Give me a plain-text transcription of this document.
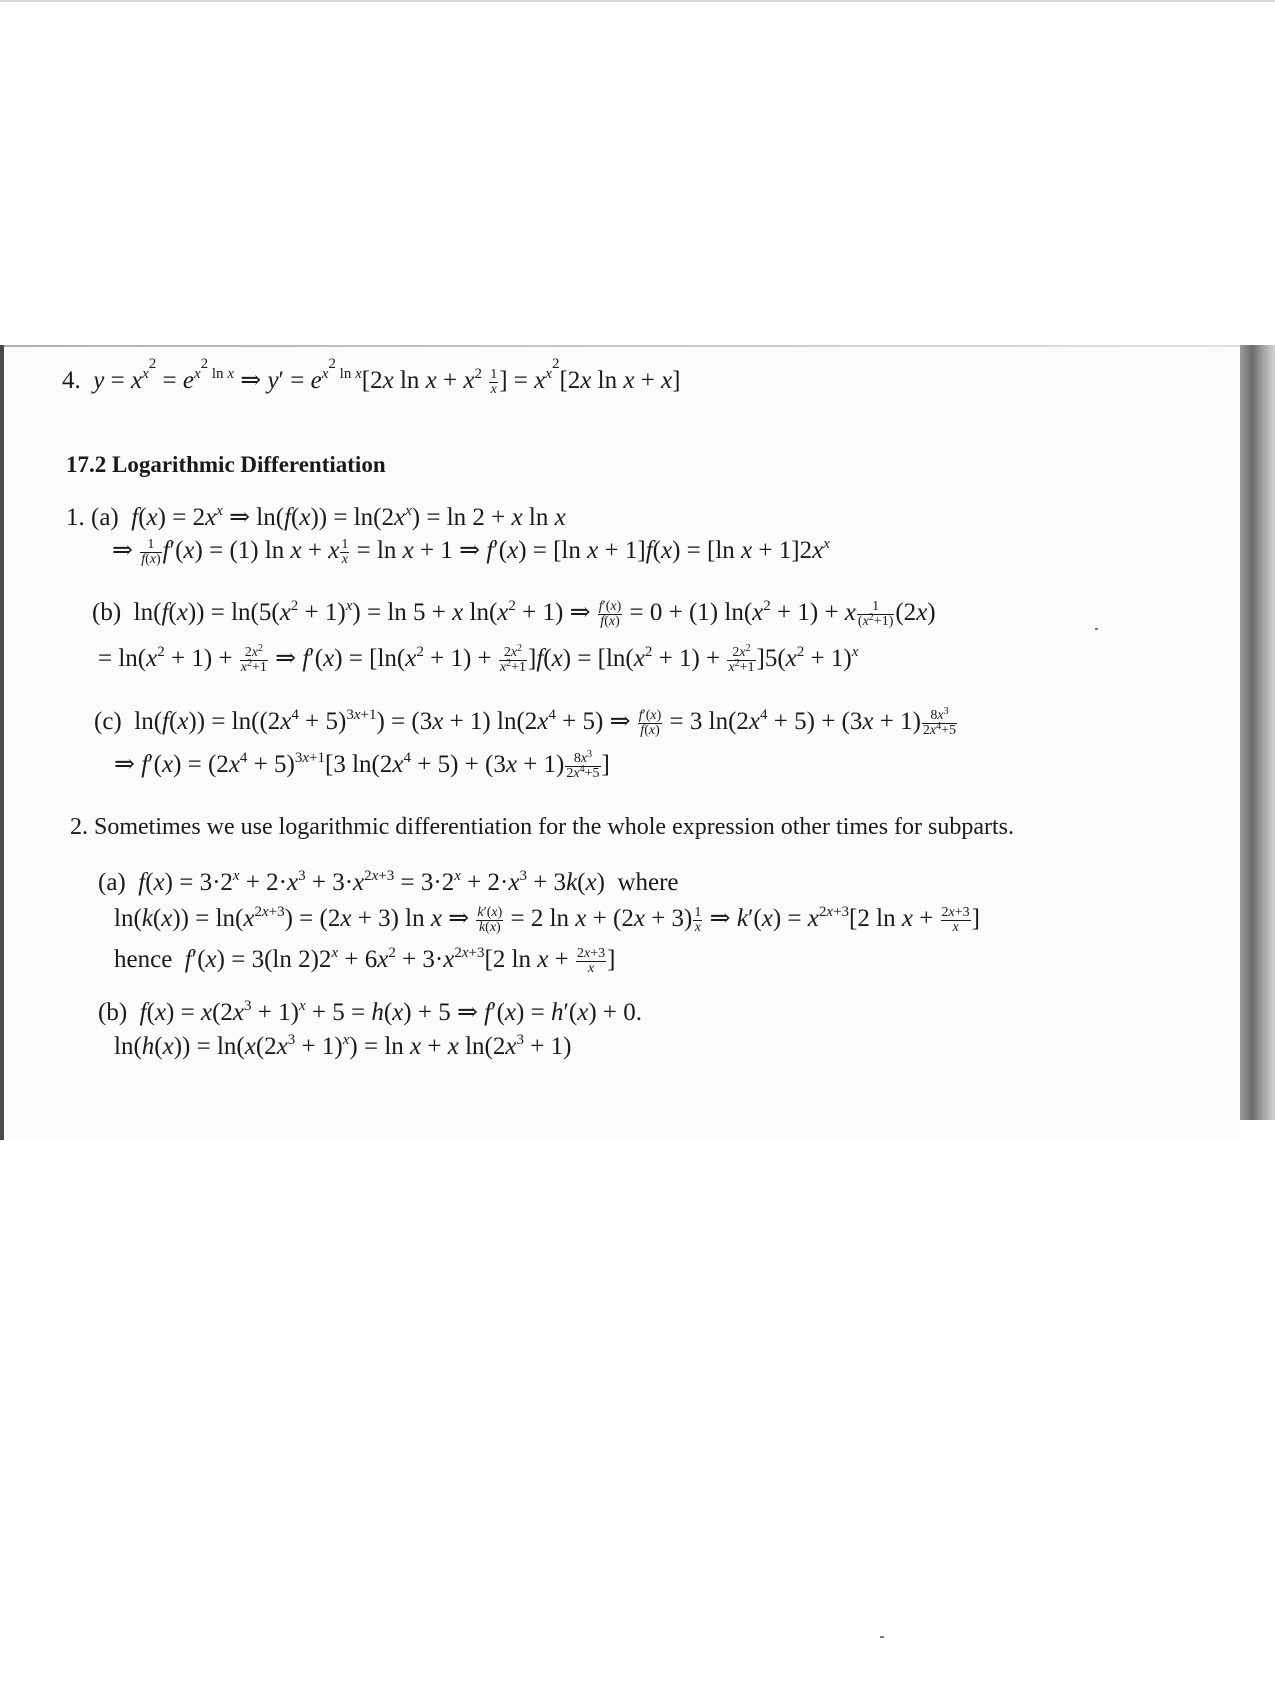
4. $y = x^{x^2} = e^{x^2 ln x}$ ⇒ $y' = e^{x^2 ln x}[2x$ $\ln x + x^2 \frac{1}{x}$ ] = $x^{x^2}[2x$ ln x + x]
17.2 Logarithmic Differentiation
1. (a) $f(x) = 2x^x$ ⇒ $\ln(f(x)) = \ln(2x^x) = \ln 2 + x$ ln x
⇒ $\frac{1}{f(x)} f'(x) = (1)$ ln x + x $\frac{1}{x} = \ln x + 1$ ⇒ f′(x) = [ln x + 1]f(x) = [ln $x + 1]2x^x$
(b)  $\ln(f(x)) = \ln(5(x^2 + 1)^x) = \ln 5 + x$ $\ln(x^2 + 1)$ ⇒ $\frac{f'(x)}{f(x)} = 0 + (1) \ln(x^2 + 1) + x \frac{1}{(x^2+1)} (2x)$
= $\ln(x^2 + 1) + \frac{2x^2}{x^2+1}$ ⇒ $f'(x) = [\ln(x^2 + 1) + \frac{2x^2}{x^2+1} ]f(x) = [\ln(x^2 + 1) + \frac{2x^2}{x^2+1} ]5(x^2 + 1)^x$
(c)  $\ln(f(x)) = \ln((2x^4 + 5)^{3x+1}) = (3x + 1) \ln(2x^4 + 5)$ ⇒ $\frac{f'(x)}{f(x)} = 3$ $\ln(2x^4 + 5) + (3x + 1) \frac{8x^3}{2x^4+5}$
⇒ $f'(x) = (2x^4 + 5)^{3x+1}[3$ $\ln(2x^4 + 5) + (3x + 1) \frac{8x^3}{2x^4+5}$ ]
2. Sometimes we use logarithmic differentiation for the whole expression other times for subparts.
(a) $f(x) = 3\cdot 2^x + 2\cdot x^3 + 3\cdot x^{2x+3} = 3\cdot 2^x + 2\cdot x^3 + 3k(x)$  where
$\ln(k(x)) = \ln(x^{2x+3}) = (2x + 3)$ ln x ⇒ $\frac{k'(x)}{k(x)} = 2$ $\ln x + (2x + 3) \frac{1}{x}$ ⇒ $k'(x) = x^{2x+3}[2$ $\ln x + \frac{2x+3}{x}$ ]
hence f′(x) = 3(ln $2)2^x + 6x^2 + 3\cdot x^{2x+3}[2$ $\ln x + \frac{2x+3}{x}$ ]
(b) $f(x) = x(2x^3 + 1)^x + 5 = h(x) + 5$ ⇒ f′(x) = h′(x) + 0.
$\ln(h(x)) = \ln(x(2x^3 + 1)^x) = \ln x + x$ $\ln(2x^3 + 1)$
